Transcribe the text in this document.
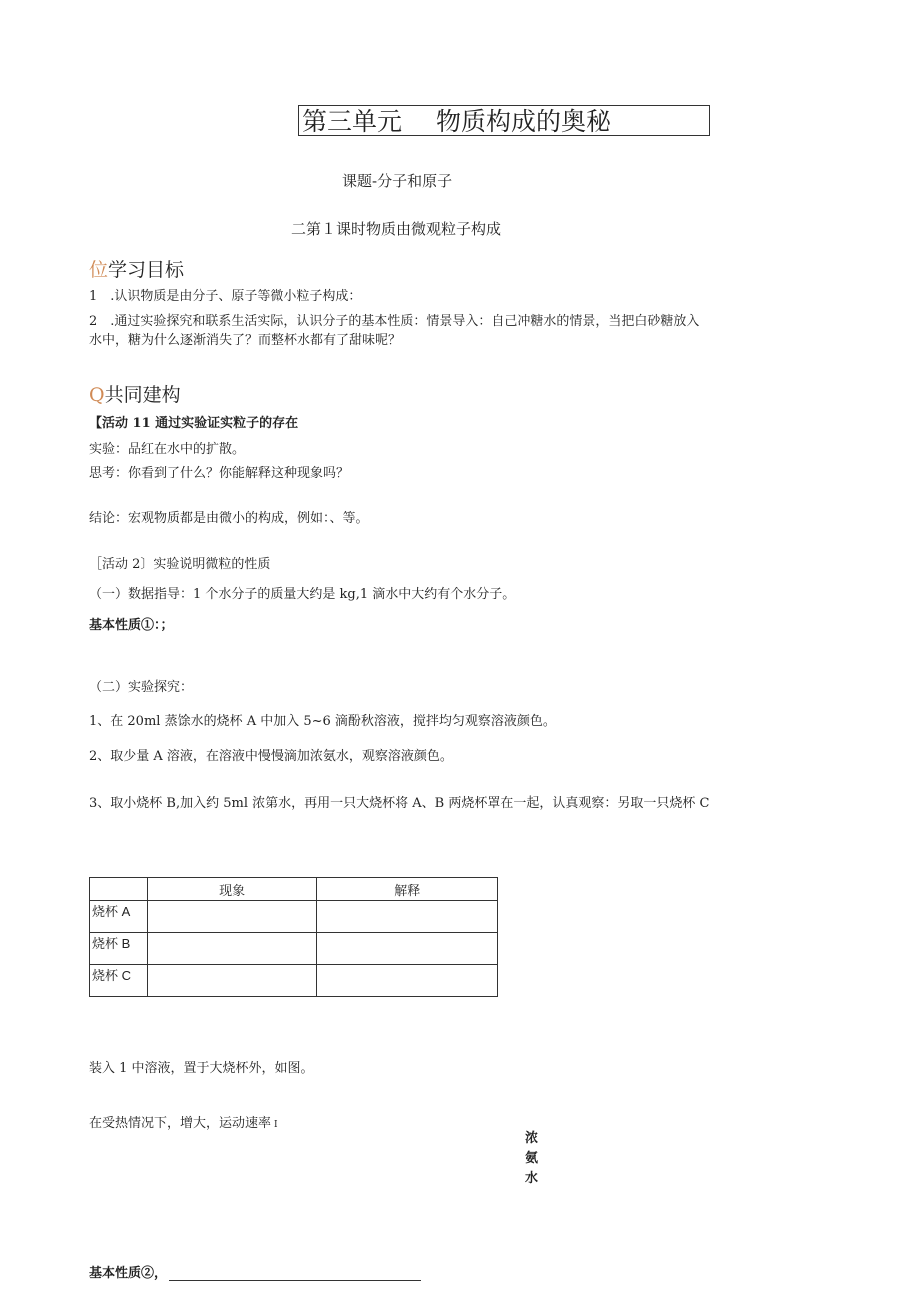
第三单元 物质构成的奥秘
课题-分子和原子
二第１课时物质由微观粒子构成
位学习目标
1　.认识物质是由分子、原子等微小粒子构成：
2　.通过实验探究和联系生活实际，认识分子的基本性质：情景导入：自己冲糖水的情景，当把白砂糖放入
水中，糖为什么逐渐消失了？而整杯水都有了甜味呢？
Q共同建构
【活动 11 通过实验证实粒子的存在
实验：品红在水中的扩散。
思考：你看到了什么？你能解释这种现象吗？
结论：宏观物质都是由微小的构成，例如：、等。
［活动 2〕实验说明微粒的性质
（一）数据指导：1 个水分子的质量大约是 kg,1 滴水中大约有个水分子。
基本性质①：；
（二）实验探究：
1、在 20ml 蒸馀水的烧杯 A 中加入 5~6 滴酚秋溶液，搅拌均匀观察溶液颜色。
2、取少量 A 溶液，在溶液中慢慢滴加浓氨水，观察溶液颜色。
3、取小烧杯 B,加入约 5ml 浓第水，再用一只大烧杯将 A、B 两烧杯罩在一起，认真观察：另取一只烧杯 C
	现象	解释
烧杯 A		
烧杯 B		
烧杯 C		
装入 1 中溶液，置于大烧杯外，如图。
在受热情况下，增大，运动速率 I
浓
氨
水
基本性质②，
